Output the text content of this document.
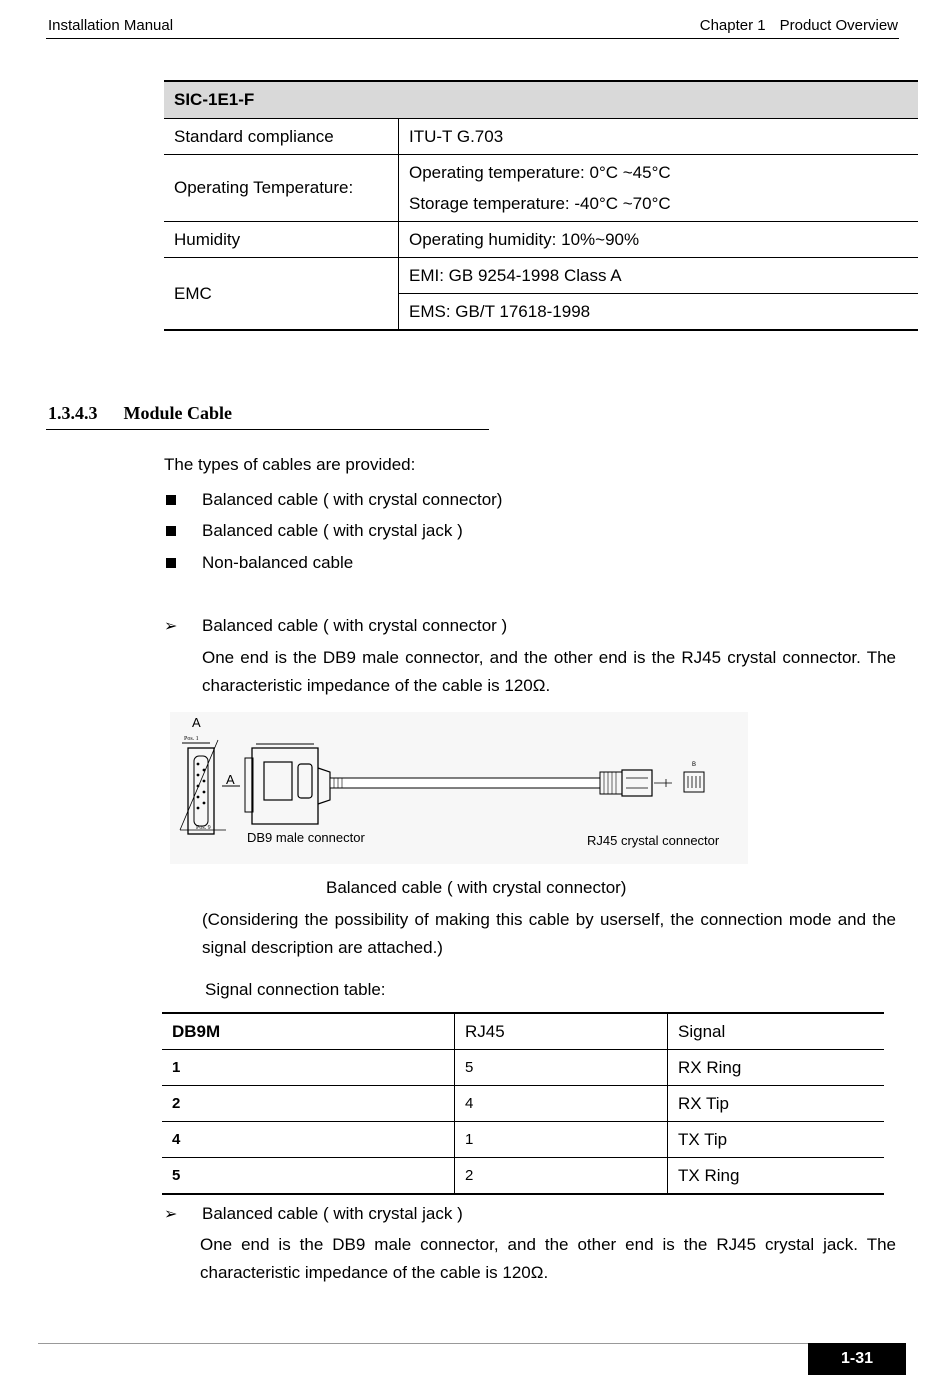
Installation Manual	Chapter 1 Product Overview
SIC-1E1-F	
Standard compliance	ITU-T G.703
Operating Temperature:	Operating temperature: 0°C ~45°C
Storage temperature: -40°C ~70°C

Humidity	Operating humidity: 10%~90%
EMC	EMI: GB 9254-1998 Class A
	EMS: GB/T 17618-1998
1.3.4.3 Module Cable
The types of cables are provided:
Balanced cable ( with crystal connector)
Balanced cable ( with crystal jack )
Non-balanced cable
➢ Balanced cable ( with crystal connector )
One end is the DB9 male connector, and the other end is the RJ45 crystal connector. The characteristic impedance of the cable is 120Ω.
A
Pos. 1
Pos. 9
A
B
DB9 male connector	RJ45 crystal connector
Balanced cable ( with crystal connector)
(Considering the possibility of making this cable by userself, the connection mode and the signal description are attached.)
Signal connection table:
DB9M	RJ45	Signal
1	5	RX Ring
2	4	RX Tip
4	1	TX Tip
5	2	TX Ring
➢ Balanced cable ( with crystal jack )
One end is the DB9 male connector, and the other end is the RJ45 crystal jack. The characteristic impedance of the cable is 120Ω.
1-31
